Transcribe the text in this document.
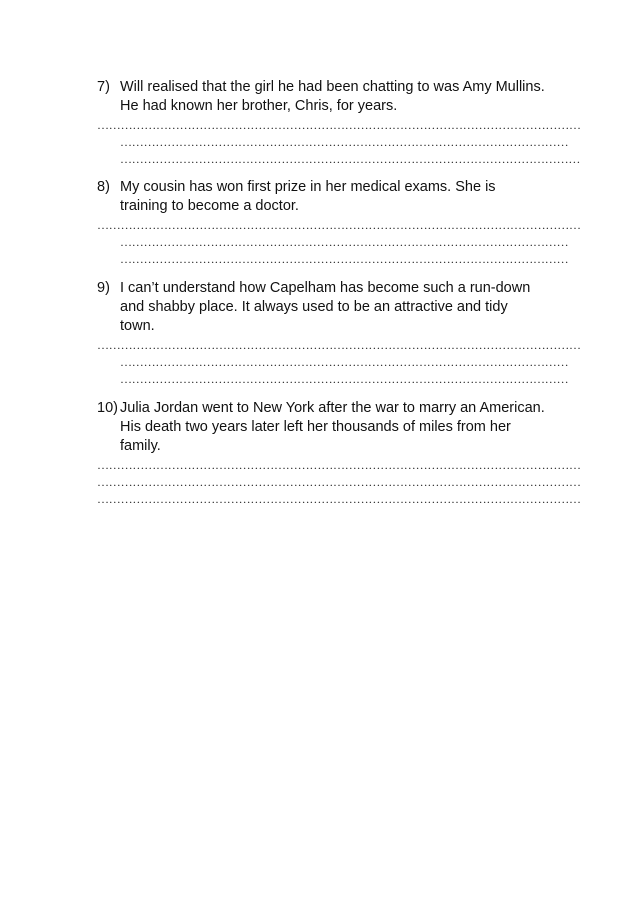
7) Will realised that the girl he had been chatting to was Amy Mullins.
He had known her brother, Chris, for years.
……………………………………………………………………………………………………………
……………………………………………………………………………………………………
………………………………………………………………………………………………………
8) My cousin has won first prize in her medical exams. She is
training to become a doctor.
……………………………………………………………………………………………………………
……………………………………………………………………………………………………
……………………………………………………………………………………………………
9) I can’t understand how Capelham has become such a run-down
and shabby place. It always used to be an attractive and tidy
town.
……………………………………………………………………………………………………………
……………………………………………………………………………………………………
……………………………………………………………………………………………………
10) Julia Jordan went to New York after the war to marry an American.
His death two years later left her thousands of miles from her
family.
……………………………………………………………………………………………………………
……………………………………………………………………………………………………………
……………………………………………………………………………………………………………
